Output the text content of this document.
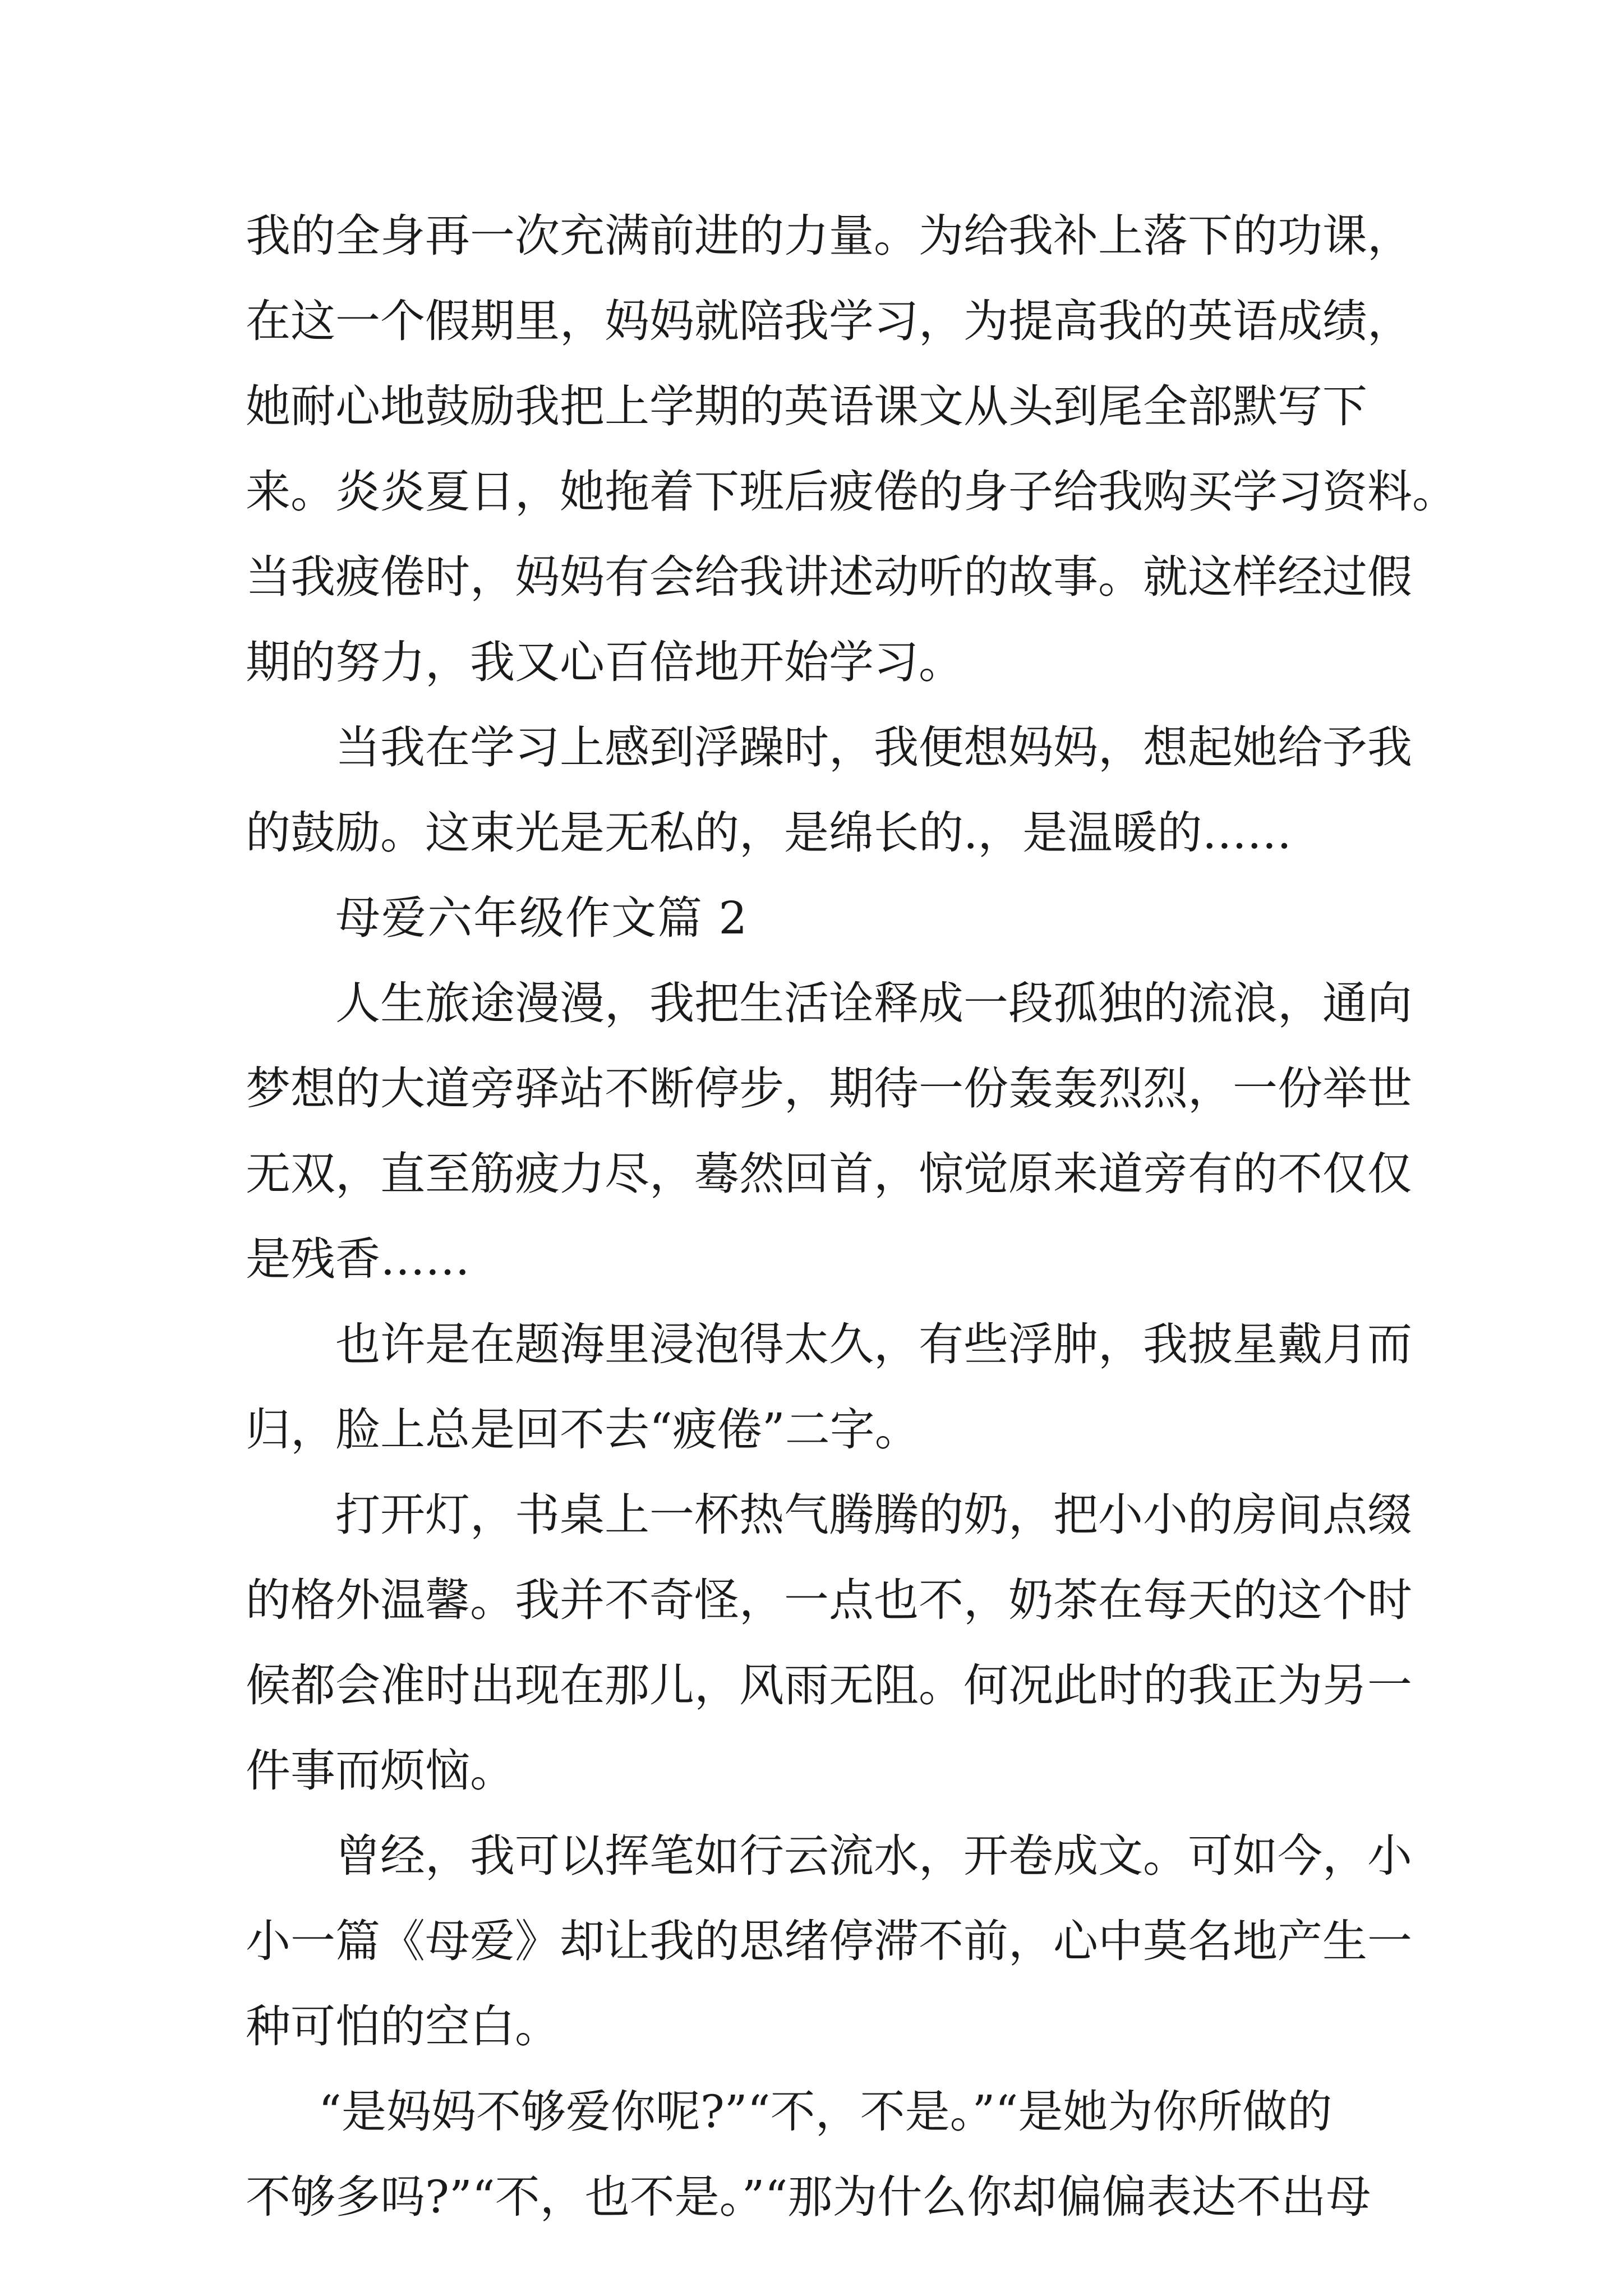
我的全身再一次充满前进的力量。为给我补上落下的功课，
在这一个假期里，妈妈就陪我学习，为提高我的英语成绩，
她耐心地鼓励我把上学期的英语课文从头到尾全部默写下
来。炎炎夏日，她拖着下班后疲倦的身子给我购买学习资料。
当我疲倦时，妈妈有会给我讲述动听的故事。就这样经过假
期的努力，我又心百倍地开始学习。

当我在学习上感到浮躁时，我便想妈妈，想起她给予我
的鼓励。这束光是无私的，是绵长的.，是温暖的……

母爱六年级作文篇 2

人生旅途漫漫，我把生活诠释成一段孤独的流浪，通向
梦想的大道旁驿站不断停步，期待一份轰轰烈烈，一份举世
无双，直至筋疲力尽，蓦然回首，惊觉原来道旁有的不仅仅
是残香……

也许是在题海里浸泡得太久，有些浮肿，我披星戴月而
归，脸上总是回不去“疲倦”二字。

打开灯，书桌上一杯热气腾腾的奶，把小小的房间点缀
的格外温馨。我并不奇怪，一点也不，奶茶在每天的这个时
候都会准时出现在那儿，风雨无阻。何况此时的我正为另一
件事而烦恼。

曾经，我可以挥笔如行云流水，开卷成文。可如今，小
小一篇《母爱》却让我的思绪停滞不前，心中莫名地产生一
种可怕的空白。

“是妈妈不够爱你呢?”“不，不是。”“是她为你所做的
不够多吗?”“不，也不是。”“那为什么你却偏偏表达不出母
